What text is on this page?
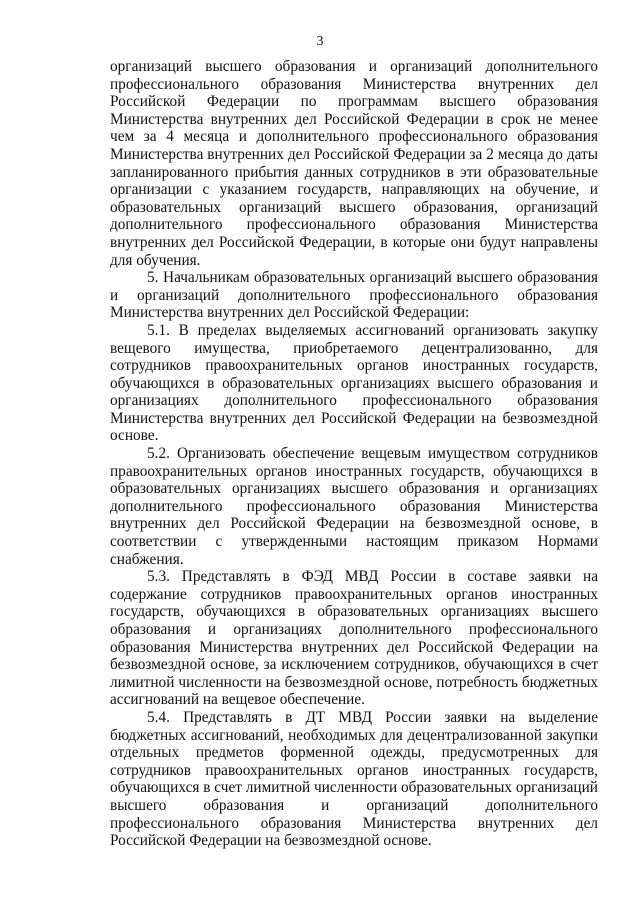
3

организаций высшего образования и организаций дополнительного профессионального образования Министерства внутренних дел Российской Федерации по программам высшего образования Министерства внутренних дел Российской Федерации в срок не менее чем за 4 месяца и дополнительного профессионального образования Министерства внутренних дел Российской Федерации за 2 месяца до даты запланированного прибытия данных сотрудников в эти образовательные организации с указанием государств, направляющих на обучение, и образовательных организаций высшего образования, организаций дополнительного профессионального образования Министерства внутренних дел Российской Федерации, в которые они будут направлены для обучения.

5. Начальникам образовательных организаций высшего образования и организаций дополнительного профессионального образования Министерства внутренних дел Российской Федерации:

5.1. В пределах выделяемых ассигнований организовать закупку вещевого имущества, приобретаемого децентрализованно, для сотрудников правоохранительных органов иностранных государств, обучающихся в образовательных организациях высшего образования и организациях дополнительного профессионального образования Министерства внутренних дел Российской Федерации на безвозмездной основе.

5.2. Организовать обеспечение вещевым имуществом сотрудников правоохранительных органов иностранных государств, обучающихся в образовательных организациях высшего образования и организациях дополнительного профессионального образования Министерства внутренних дел Российской Федерации на безвозмездной основе, в соответствии с утвержденными настоящим приказом Нормами снабжения.

5.3. Представлять в ФЭД МВД России в составе заявки на содержание сотрудников правоохранительных органов иностранных государств, обучающихся в образовательных организациях высшего образования и организациях дополнительного профессионального образования Министерства внутренних дел Российской Федерации на безвозмездной основе, за исключением сотрудников, обучающихся в счет лимитной численности на безвозмездной основе, потребность бюджетных ассигнований на вещевое обеспечение.

5.4. Представлять в ДТ МВД России заявки на выделение бюджетных ассигнований, необходимых для децентрализованной закупки отдельных предметов форменной одежды, предусмотренных для сотрудников правоохранительных органов иностранных государств, обучающихся в счет лимитной численности образовательных организаций высшего образования и организаций дополнительного профессионального образования Министерства внутренних дел Российской Федерации на безвозмездной основе.
